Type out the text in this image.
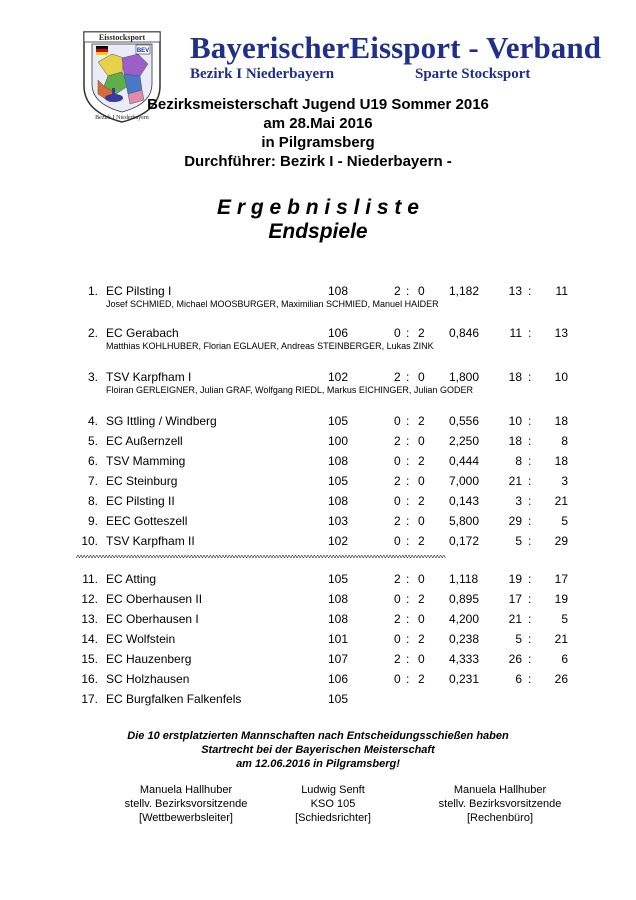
Eisstocksport
Bezirk I Niederbayern
BEV BayerischerEissport - Verband
Bezirk I Niederbayern	Sparte Stocksport
Bezirksmeisterschaft Jugend U19 Sommer 2016
am 28.Mai 2016
in Pilgramsberg
Durchführer: Bezirk I - Niederbayern -
E r g e b n i s l i s t e
Endspiele
1. EC Pilsting I	108	2 : 0 1,182 13 : 11
Josef SCHMIED, Michael MOOSBURGER, Maximilian SCHMIED, Manuel HAIDER
2. EC Gerabach	106	0 : 2 0,846	11 : 13
Matthias KOHLHUBER, Florian EGLAUER, Andreas STEINBERGER, Lukas ZINK
3. TSV Karpfham I	102	2 : 0 1,800 18 : 10
Floiran GERLEIGNER, Julian GRAF, Wolfgang RIEDL, Markus EICHINGER, Julian GODER
4. SG Ittling / Windberg	105	0 : 2 0,556 10 : 18
5. EC Außernzell	100	2 : 0 2,250 18 : 8
6. TSV Mamming	108	0 : 2 0,444	8 : 18
7. EC Steinburg	105	2 : 0 7,000 21 : 3
8. EC Pilsting II	108	0 : 2 0,143	3 : 21
9. EEC Gotteszell	103	2 : 0 5,800 29 : 5
10. TSV Karpfham II	102	0 : 2 0,172	5 : 29
11. EC Atting	105	2 : 0 1,118	19 : 17
12. EC Oberhausen II	108	0 : 2 0,895 17 : 19
13. EC Oberhausen I	108	2 : 0 4,200 21 : 5
14. EC Wolfstein	101	0 : 2 0,238	5 : 21
15. EC Hauzenberg	107	2 : 0 4,333 26 : 6
16. SC Holzhausen	106	0 : 2 0,231	6 : 26
17. EC Burgfalken Falkenfels	105
^^^^^^^^^^^^^^^^^^^^^^^^^^^^^^^^^^^^^^^^^^^^^^^^^^^^^^^^^^^^^^^^^^^^^^^^^^^^^^^^^^^^^^^^^^^^^^^^^^^^^^^^^^^^^^^^^^^^^
Die 10 erstplatzierten Mannschaften nach Entscheidungsschießen haben
Startrecht bei der Bayerischen Meisterschaft
am 12.06.2016 in Pilgramsberg!
Manuela Hallhuber
stellv. Bezirksvorsitzende
[Wettbewerbsleiter]
Ludwig Senft
KSO 105
[Schiedsrichter]
Manuela Hallhuber
stellv. Bezirksvorsitzende
[Rechenbüro]
